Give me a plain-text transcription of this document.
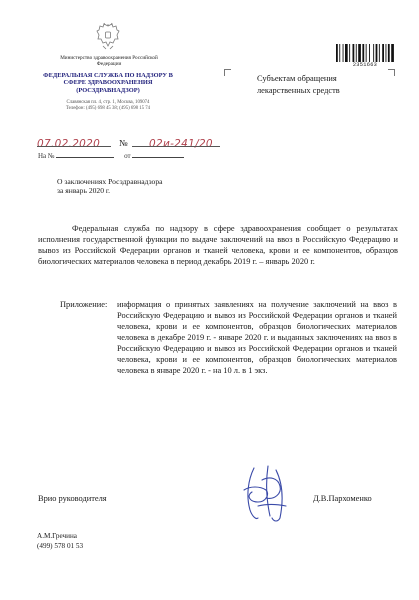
Министерство здравоохранения Российской Федерации
ФЕДЕРАЛЬНАЯ СЛУЖБА ПО НАДЗОРУ В СФЕРЕ ЗДРАВООХРАНЕНИЯ (РОСЗДРАВНАДЗОР)
Славянская пл. 4, стр. 1, Москва, 109074
Телефон: (495) 698 45 38; (495) 698 15 74
2351663
Субъектам обращения
лекарственных средств
07.02.2020 № 02и-241/20
На №	от
О заключениях Росздравнадзора
за январь 2020 г.
Федеральная служба по надзору в сфере здравоохранения сообщает о результатах исполнения государственной функции по выдаче заключений на ввоз в Российскую Федерацию и вывоз из Российской Федерации органов и тканей человека, крови и ее компонентов, образцов биологических материалов человека в период декабрь 2019 г. – январь 2020 г.
Приложение: информация о принятых заявлениях на получение заключений на ввоз в Российскую Федерацию и вывоз из Российской Федерации органов и тканей человека, крови и ее компонентов, образцов биологических материалов человека в декабре 2019 г. - январе 2020 г. и выданных заключениях на ввоз в Российскую Федерацию и вывоз из Российской Федерации органов и тканей человека, крови и ее компонентов, образцов биологических материалов человека в январе 2020 г. - на 10 л. в 1 экз.
Врио руководителя	Д.В.Пархоменко
А.М.Гречина
(499) 578 01 53
